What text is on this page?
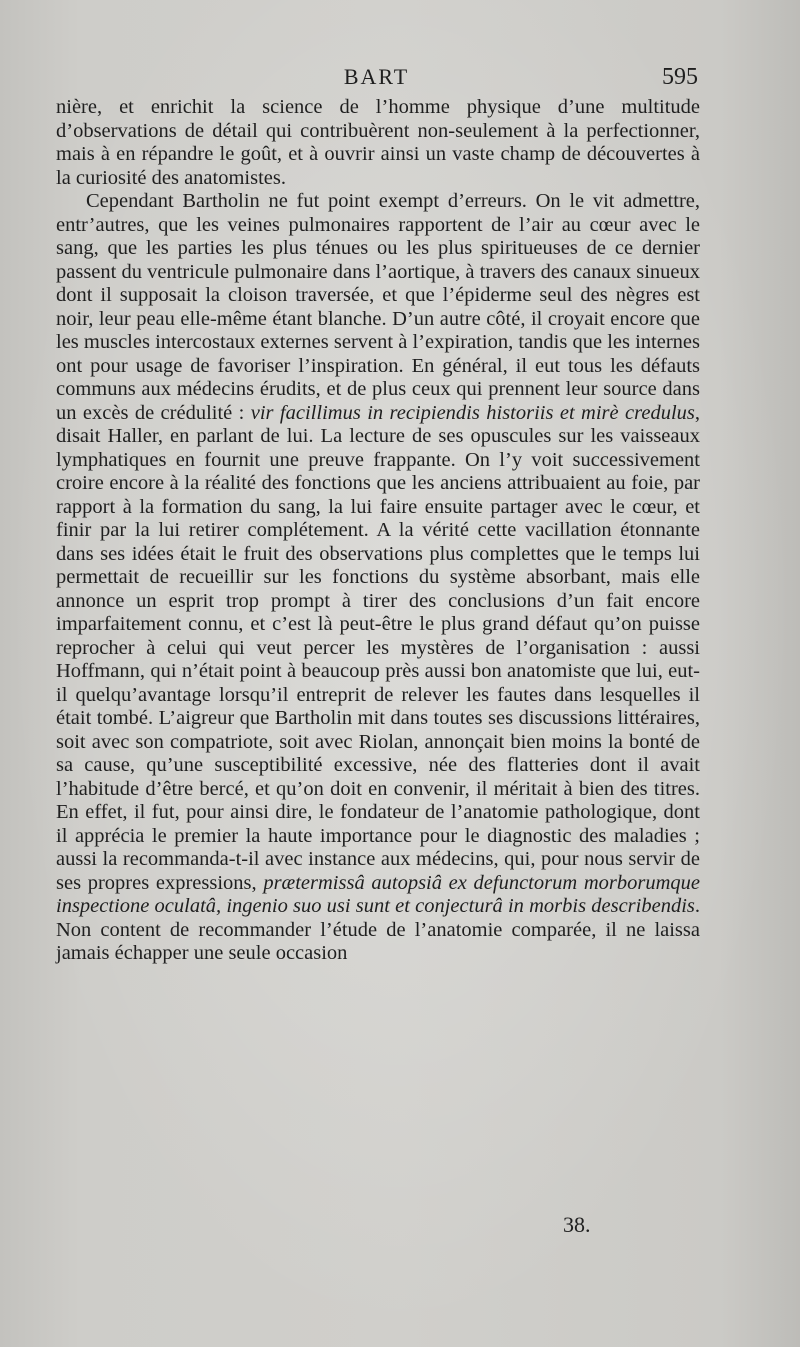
BART	595

nière, et enrichit la science de l’homme physique d’une multitude d’observations de détail qui contribuèrent non-seulement à la perfectionner, mais à en répandre le goût, et à ouvrir ainsi un vaste champ de découvertes à la curiosité des anatomistes.

Cependant Bartholin ne fut point exempt d’erreurs. On le vit admettre, entr’autres, que les veines pulmonaires rapportent de l’air au cœur avec le sang, que les parties les plus ténues ou les plus spiritueuses de ce dernier passent du ventricule pulmonaire dans l’aortique, à travers des canaux sinueux dont il supposait la cloison traversée, et que l’épiderme seul des nègres est noir, leur peau elle-même étant blanche. D’un autre côté, il croyait encore que les muscles intercostaux externes servent à l’expiration, tandis que les internes ont pour usage de favoriser l’inspiration. En général, il eut tous les défauts communs aux médecins érudits, et de plus ceux qui prennent leur source dans un excès de crédulité : vir facillimus in recipiendis historiis et mirè credulus, disait Haller, en parlant de lui. La lecture de ses opuscules sur les vaisseaux lymphatiques en fournit une preuve frappante. On l’y voit successivement croire encore à la réalité des fonctions que les anciens attribuaient au foie, par rapport à la formation du sang, la lui faire ensuite partager avec le cœur, et finir par la lui retirer complétement. A la vérité cette vacillation étonnante dans ses idées était le fruit des observations plus complettes que le temps lui permettait de recueillir sur les fonctions du système absorbant, mais elle annonce un esprit trop prompt à tirer des conclusions d’un fait encore imparfaitement connu, et c’est là peut-être le plus grand défaut qu’on puisse reprocher à celui qui veut percer les mystères de l’organisation : aussi Hoffmann, qui n’était point à beaucoup près aussi bon anatomiste que lui, eut-il quelqu’avantage lorsqu’il entreprit de relever les fautes dans lesquelles il était tombé. L’aigreur que Bartholin mit dans toutes ses discussions littéraires, soit avec son compatriote, soit avec Riolan, annonçait bien moins la bonté de sa cause, qu’une susceptibilité excessive, née des flatteries dont il avait l’habitude d’être bercé, et qu’on doit en convenir, il méritait à bien des titres. En effet, il fut, pour ainsi dire, le fondateur de l’anatomie pathologique, dont il apprécia le premier la haute importance pour le diagnostic des maladies ; aussi la recommanda-t-il avec instance aux médecins, qui, pour nous servir de ses propres expressions, prætermissâ autopsiâ ex defunctorum morborumque inspectione oculatâ, ingenio suo usi sunt et conjecturâ in morbis describendis. Non content de recommander l’étude de l’anatomie comparée, il ne laissa jamais échapper une seule occasion

38.
